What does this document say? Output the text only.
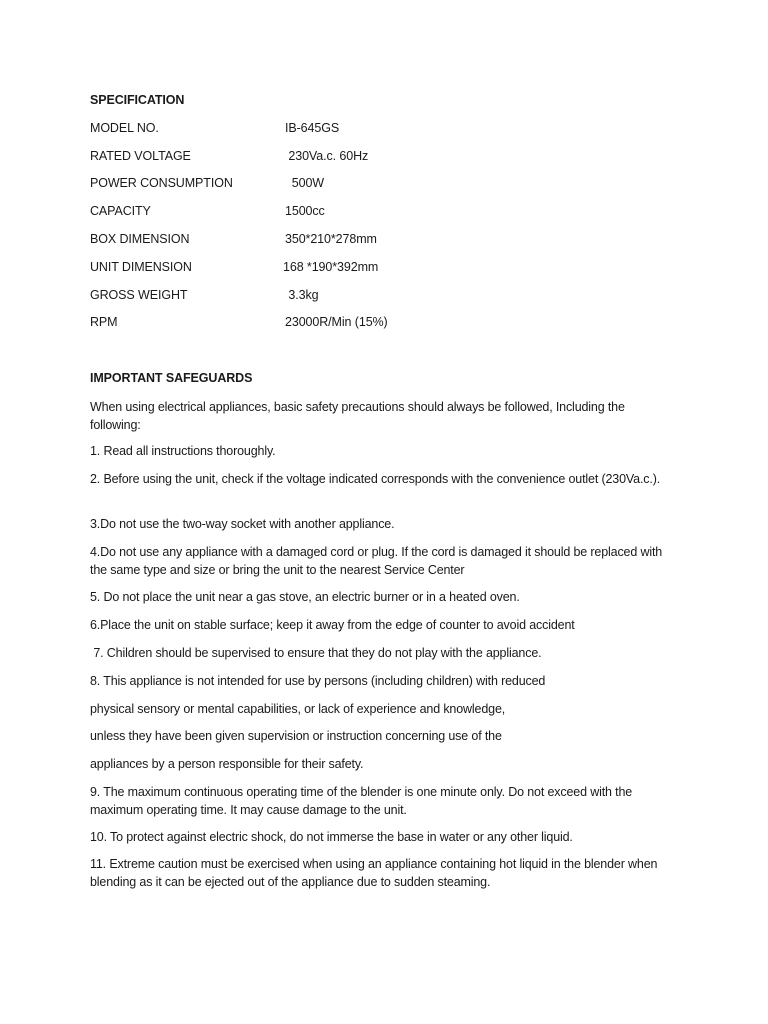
SPECIFICATION
MODEL NO.	IB-645GS
RATED VOLTAGE	230Va.c. 60Hz
POWER CONSUMPTION	500W
CAPACITY	1500cc
BOX DIMENSION	350*210*278mm
UNIT DIMENSION	168 *190*392mm
GROSS WEIGHT	3.3kg
RPM	23000R/Min (15%)
IMPORTANT SAFEGUARDS
When using electrical appliances, basic safety precautions should always be followed, Including the following:
1. Read all instructions thoroughly.
2. Before using the unit, check if the voltage indicated corresponds with the convenience outlet (230Va.c.).
3.Do not use the two-way socket with another appliance.
4.Do not use any appliance with a damaged cord or plug. If the cord is damaged it should be replaced with the same type and size or bring the unit to the nearest Service Center
5. Do not place the unit near a gas stove, an electric burner or in a heated oven.
6.Place the unit on stable surface; keep it away from the edge of counter to avoid accident
7. Children should be supervised to ensure that they do not play with the appliance.
8. This appliance is not intended for use by persons (including children) with reduced
physical sensory or mental capabilities, or lack of experience and knowledge,
unless they have been given supervision or instruction concerning use of the
appliances by a person responsible for their safety.
9. The maximum continuous operating time of the blender is one minute only. Do not exceed with the maximum operating time. It may cause damage to the unit.
10. To protect against electric shock, do not immerse the base in water or any other liquid.
11. Extreme caution must be exercised when using an appliance containing hot liquid in the blender when blending as it can be ejected out of the appliance due to sudden steaming.
